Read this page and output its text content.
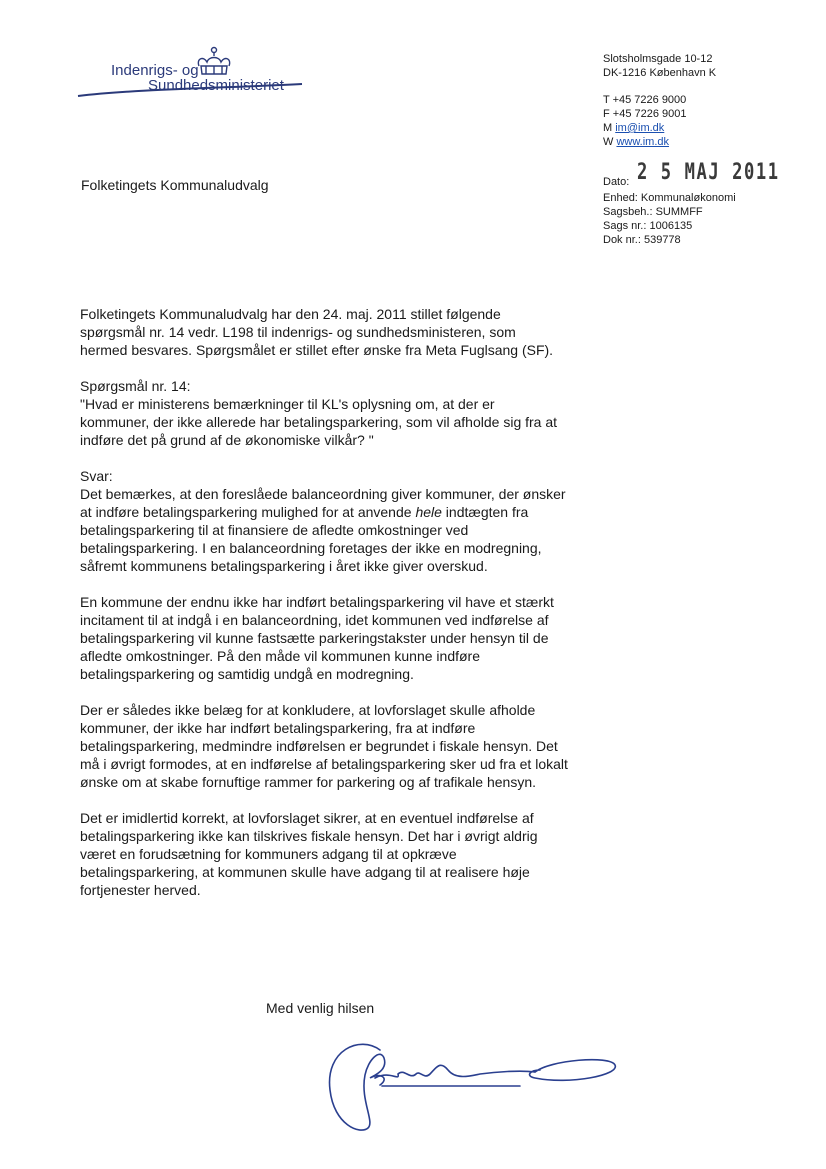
Indenrigs- og
Sundhedsministeriet
Slotsholmsgade 10-12
DK-1216 København K
T +45 7226 9000
F +45 7226 9001
M im@im.dk
W www.im.dk
Folketingets Kommunaludvalg	Dato: 2 5 MAJ 2011
Enhed: Kommunaløkonomi
Sagsbeh.: SUMMFF
Sags nr.: 1006135
Dok nr.: 539778

Folketingets Kommunaludvalg har den 24. maj. 2011 stillet følgende
spørgsmål nr. 14 vedr. L198 til indenrigs- og sundhedsministeren, som
hermed besvares. Spørgsmålet er stillet efter ønske fra Meta Fuglsang (SF).

Spørgsmål nr. 14:
"Hvad er ministerens bemærkninger til KL's oplysning om, at der er
kommuner, der ikke allerede har betalingsparkering, som vil afholde sig fra at
indføre det på grund af de økonomiske vilkår? "

Svar:
Det bemærkes, at den foreslåede balanceordning giver kommuner, der ønsker
at indføre betalingsparkering mulighed for at anvende hele indtægten fra
betalingsparkering til at finansiere de afledte omkostninger ved
betalingsparkering. I en balanceordning foretages der ikke en modregning,
såfremt kommunens betalingsparkering i året ikke giver overskud.

En kommune der endnu ikke har indført betalingsparkering vil have et stærkt
incitament til at indgå i en balanceordning, idet kommunen ved indførelse af
betalingsparkering vil kunne fastsætte parkeringstakster under hensyn til de
afledte omkostninger. På den måde vil kommunen kunne indføre
betalingsparkering og samtidig undgå en modregning.

Der er således ikke belæg for at konkludere, at lovforslaget skulle afholde
kommuner, der ikke har indført betalingsparkering, fra at indføre
betalingsparkering, medmindre indførelsen er begrundet i fiskale hensyn. Det
må i øvrigt formodes, at en indførelse af betalingsparkering sker ud fra et lokalt
ønske om at skabe fornuftige rammer for parkering og af trafikale hensyn.

Det er imidlertid korrekt, at lovforslaget sikrer, at en eventuel indførelse af
betalingsparkering ikke kan tilskrives fiskale hensyn. Det har i øvrigt aldrig
været en forudsætning for kommuners adgang til at opkræve
betalingsparkering, at kommunen skulle have adgang til at realisere høje
fortjenester herved.

Med venlig hilsen
